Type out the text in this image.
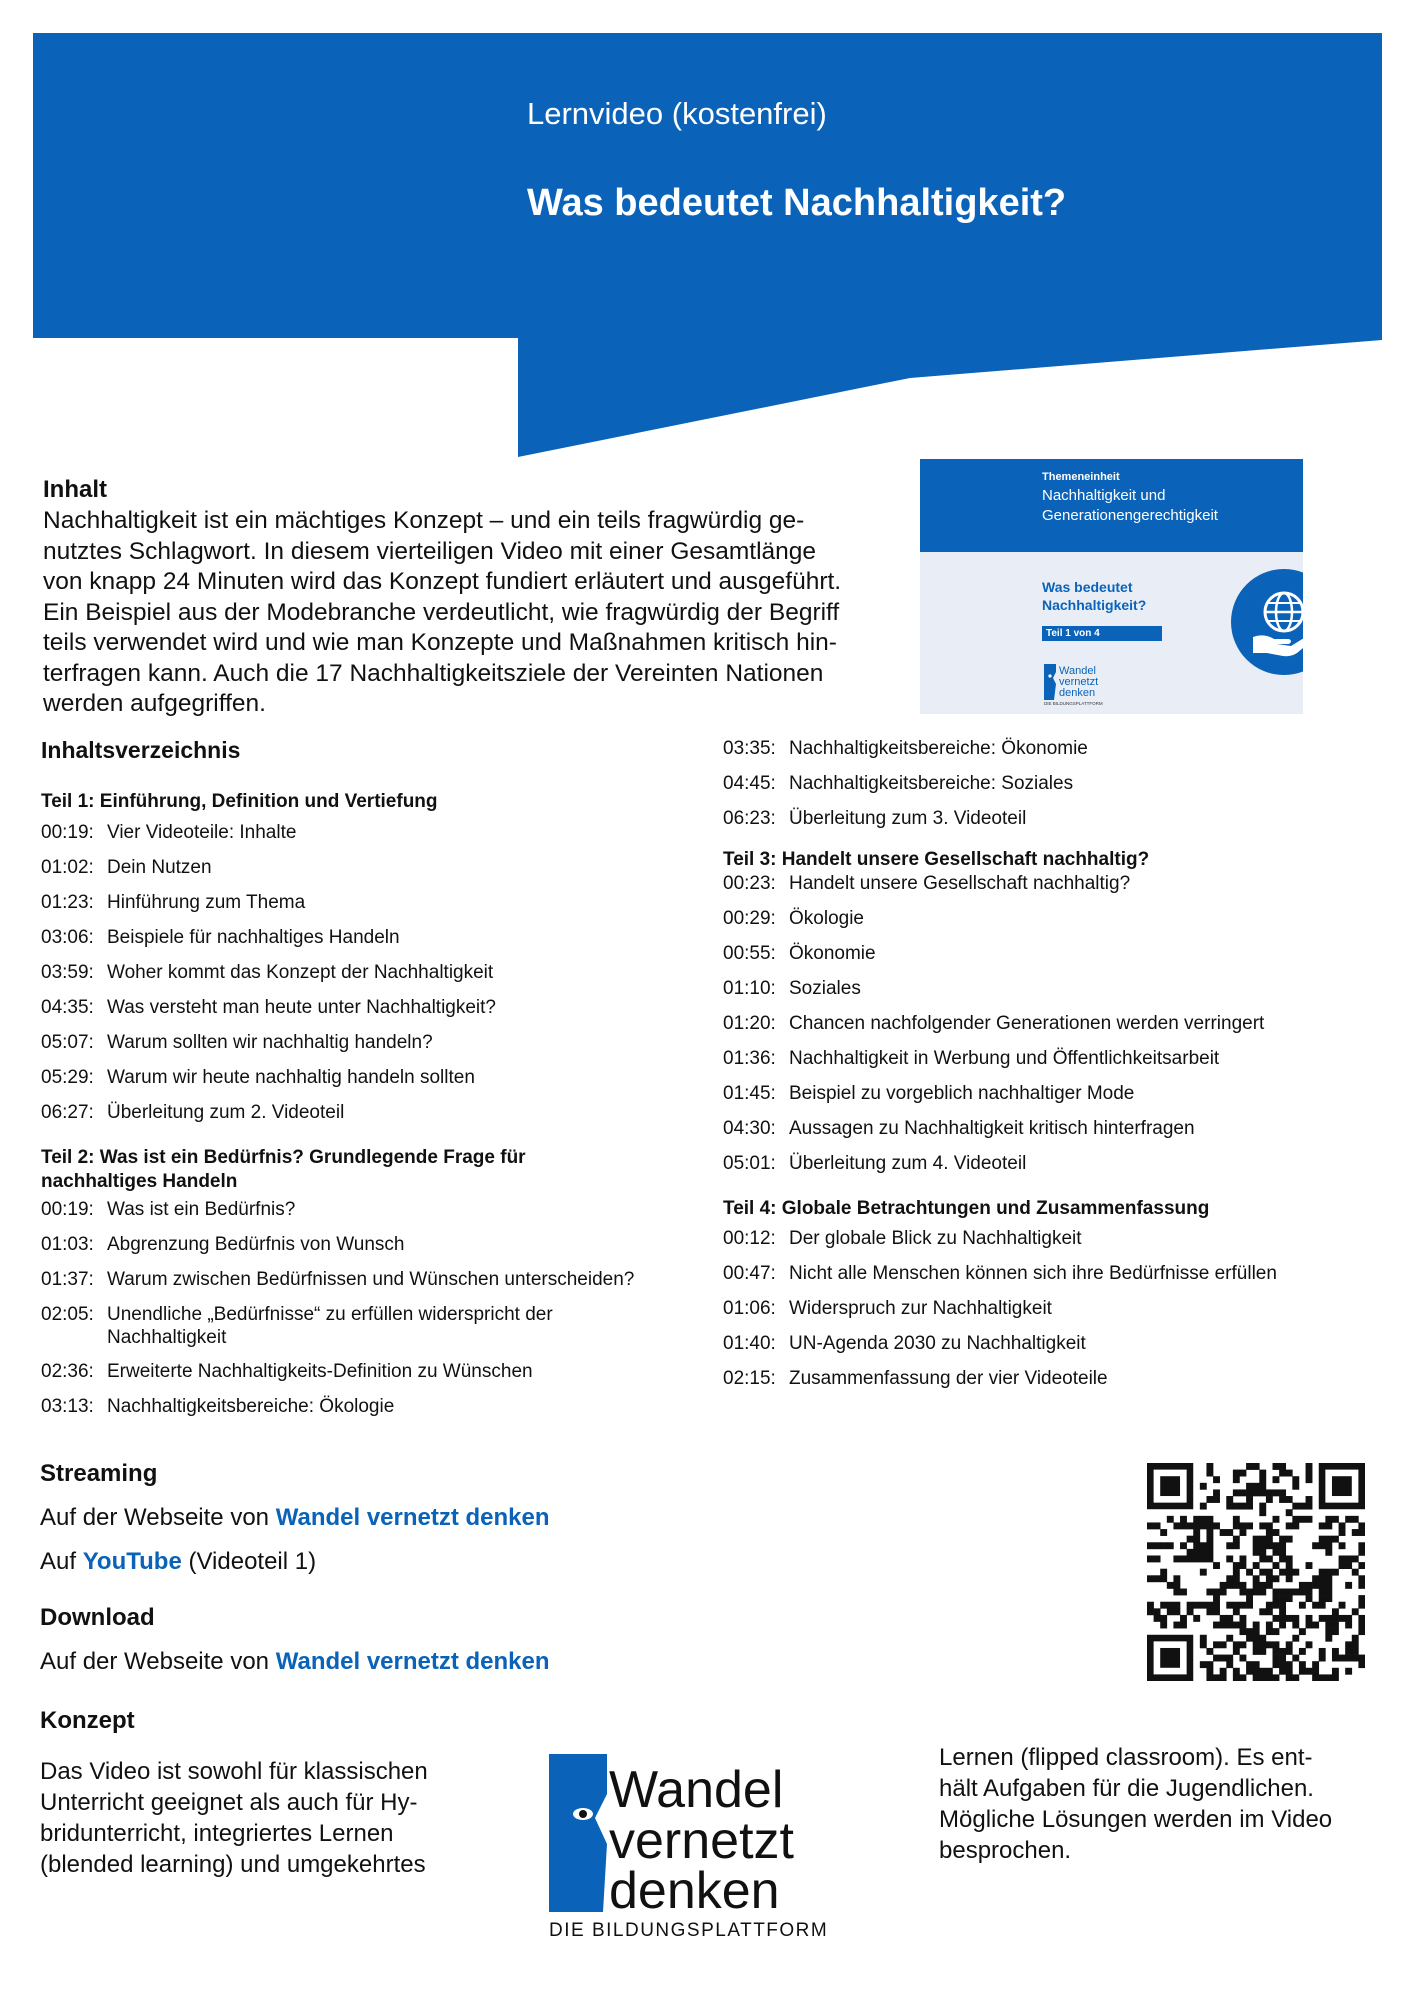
Lernvideo (kostenfrei)
Was bedeutet Nachhaltigkeit?
Inhalt
Nachhaltigkeit ist ein mächtiges Konzept – und ein teils fragwürdig ge-
nutztes Schlagwort. In diesem vierteiligen Video mit einer Gesamtlänge
von knapp 24 Minuten wird das Konzept fundiert erläutert und ausgeführt.
Ein Beispiel aus der Modebranche verdeutlicht, wie fragwürdig der Begriff
teils verwendet wird und wie man Konzepte und Maßnahmen kritisch hin-
terfragen kann. Auch die 17 Nachhaltigkeitsziele der Vereinten Nationen
werden aufgegriffen.
Themeneinheit
Nachhaltigkeit und
Generationengerechtigkeit
Was bedeutet Nachhaltigkeit?
Teil 1 von 4
Wandel
vernetzt
denken
DIE BILDUNGSPLATTFORM
Inhaltsverzeichnis
Teil 1: Einführung, Definition und Vertiefung
00:19: Vier Videoteile: Inhalte
01:02: Dein Nutzen
01:23: Hinführung zum Thema
03:06: Beispiele für nachhaltiges Handeln
03:59: Woher kommt das Konzept der Nachhaltigkeit
04:35: Was versteht man heute unter Nachhaltigkeit?
05:07: Warum sollten wir nachhaltig handeln?
05:29: Warum wir heute nachhaltig handeln sollten
06:27: Überleitung zum 2. Videoteil
Teil 2: Was ist ein Bedürfnis? Grundlegende Frage für nachhaltiges Handeln
00:19: Was ist ein Bedürfnis?
01:03: Abgrenzung Bedürfnis von Wunsch
01:37: Warum zwischen Bedürfnissen und Wünschen unterscheiden?
02:05: Unendliche „Bedürfnisse“ zu erfüllen widerspricht der Nachhaltigkeit
02:36: Erweiterte Nachhaltigkeits-Definition zu Wünschen
03:13: Nachhaltigkeitsbereiche: Ökologie
03:35: Nachhaltigkeitsbereiche: Ökonomie
04:45: Nachhaltigkeitsbereiche: Soziales
06:23: Überleitung zum 3. Videoteil
Teil 3: Handelt unsere Gesellschaft nachhaltig?
00:23: Handelt unsere Gesellschaft nachhaltig?
00:29: Ökologie
00:55: Ökonomie
01:10: Soziales
01:20: Chancen nachfolgender Generationen werden verringert
01:36: Nachhaltigkeit in Werbung und Öffentlichkeitsarbeit
01:45: Beispiel zu vorgeblich nachhaltiger Mode
04:30: Aussagen zu Nachhaltigkeit kritisch hinterfragen
05:01: Überleitung zum 4. Videoteil
Teil 4: Globale Betrachtungen und Zusammenfassung
00:12: Der globale Blick zu Nachhaltigkeit
00:47: Nicht alle Menschen können sich ihre Bedürfnisse erfüllen
01:06: Widerspruch zur Nachhaltigkeit
01:40: UN-Agenda 2030 zu Nachhaltigkeit
02:15: Zusammenfassung der vier Videoteile
Streaming
Auf der Webseite von Wandel vernetzt denken
Auf YouTube (Videoteil 1)
Download
Auf der Webseite von Wandel vernetzt denken
Konzept
Das Video ist sowohl für klassischen
Unterricht geeignet als auch für Hy-
bridunterricht, integriertes Lernen
(blended learning) und umgekehrtes
Wandel
vernetzt
denken
DIE BILDUNGSPLATTFORM
Lernen (flipped classroom). Es ent-
hält Aufgaben für die Jugendlichen.
Mögliche Lösungen werden im Video
besprochen.
